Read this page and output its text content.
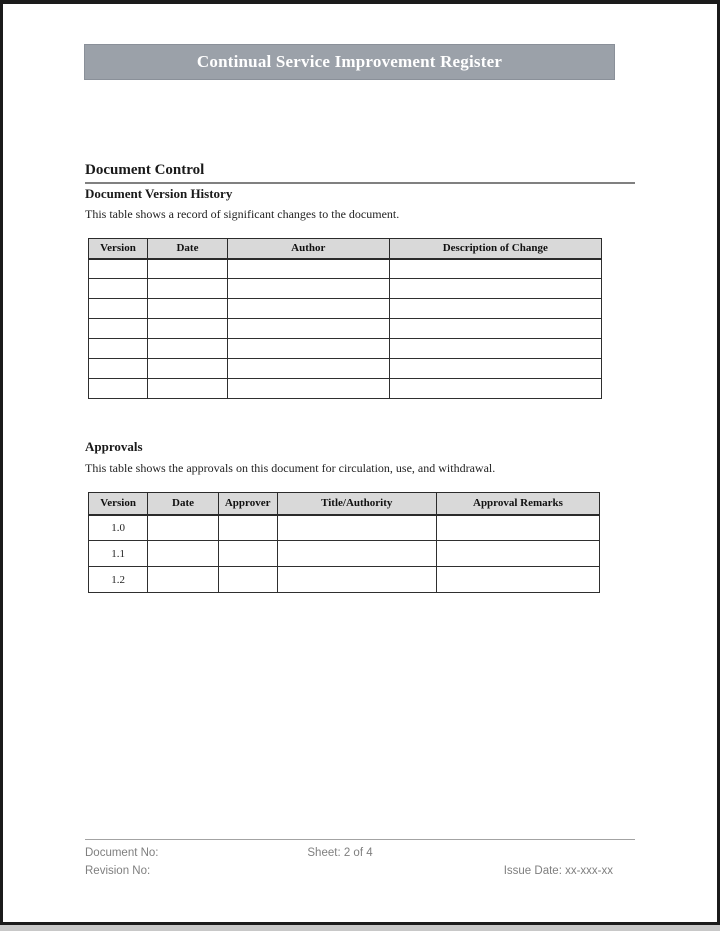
Continual Service Improvement Register
Document Control
Document Version History
This table shows a record of significant changes to the document.
Version	Date	Author	Description of Change

Approvals
This table shows the approvals on this document for circulation, use, and withdrawal.
Version	Date	Approver	Title/Authority	Approval Remarks
1.0				
1.1				
1.2				
Document No:	Sheet: 2 of 4
Revision No:	Issue Date: xx-xxx-xx
